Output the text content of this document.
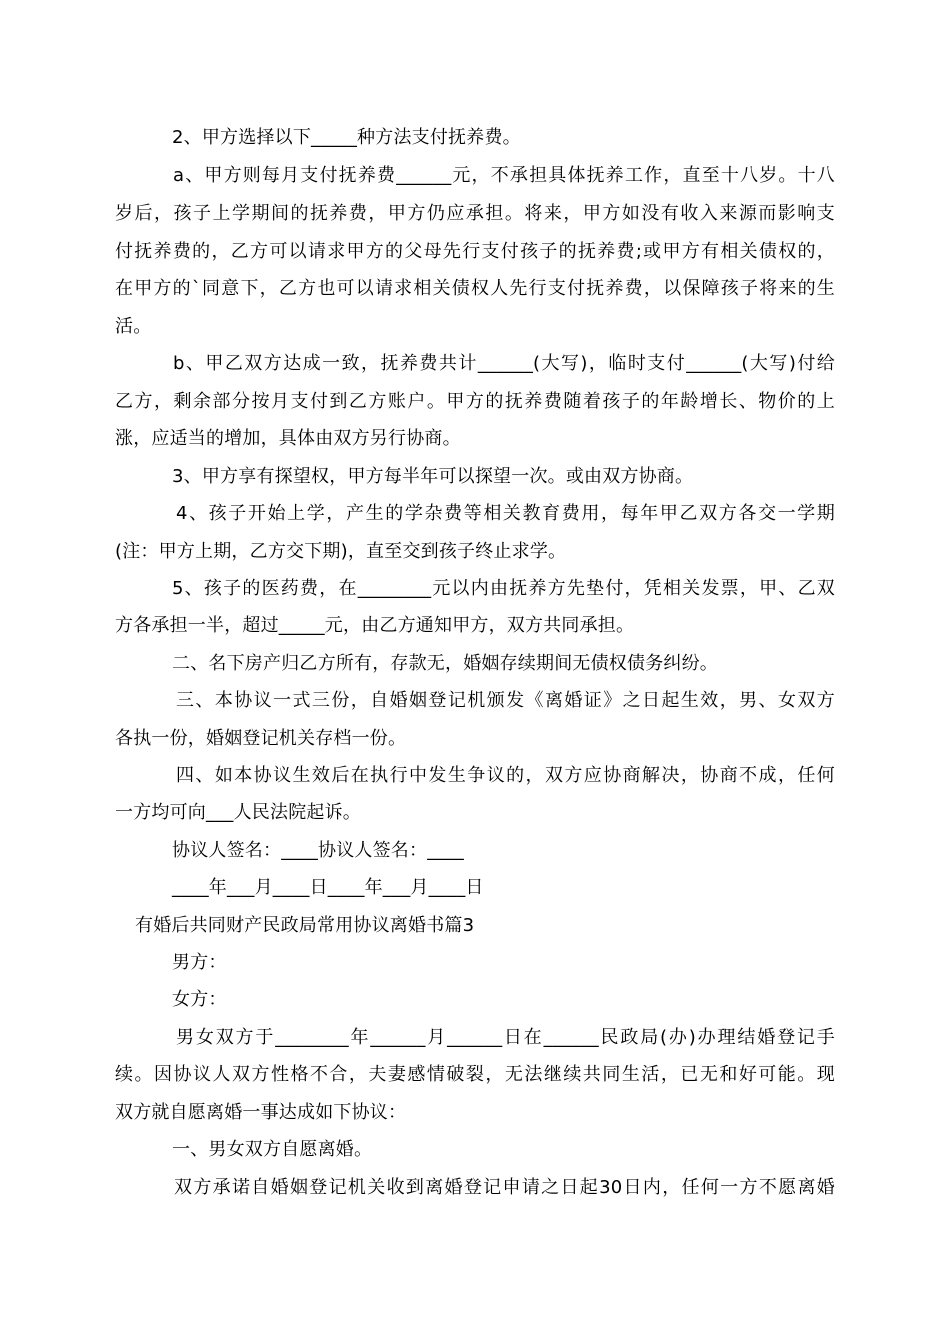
2、甲方选择以下_____种方法支付抚养费。
a、甲方则每月支付抚养费______元，不承担具体抚养工作，直至十八岁。十八
岁后，孩子上学期间的抚养费，甲方仍应承担。将来，甲方如没有收入来源而影响支
付抚养费的，乙方可以请求甲方的父母先行支付孩子的抚养费;或甲方有相关债权的，
在甲方的`同意下，乙方也可以请求相关债权人先行支付抚养费，以保障孩子将来的生
活。
b、甲乙双方达成一致，抚养费共计______(大写)，临时支付______(大写)付给
乙方，剩余部分按月支付到乙方账户。甲方的抚养费随着孩子的年龄增长、物价的上
涨，应适当的增加，具体由双方另行协商。
3、甲方享有探望权，甲方每半年可以探望一次。或由双方协商。
4、孩子开始上学，产生的学杂费等相关教育费用，每年甲乙双方各交一学期
(注：甲方上期，乙方交下期)，直至交到孩子终止求学。
5、孩子的医药费，在________元以内由抚养方先垫付，凭相关发票，甲、乙双
方各承担一半，超过_____元，由乙方通知甲方，双方共同承担。
二、名下房产归乙方所有，存款无，婚姻存续期间无债权债务纠纷。
三、本协议一式三份，自婚姻登记机颁发《离婚证》之日起生效，男、女双方
各执一份，婚姻登记机关存档一份。
四、如本协议生效后在执行中发生争议的，双方应协商解决，协商不成，任何
一方均可向___人民法院起诉。
协议人签名：____协议人签名：____
____年___月____日____年___月____日
有婚后共同财产民政局常用协议离婚书篇3
男方：
女方：
男女双方于________年______月______日在______民政局(办)办理结婚登记手
续。因协议人双方性格不合，夫妻感情破裂，无法继续共同生活，已无和好可能。现
双方就自愿离婚一事达成如下协议：
一、男女双方自愿离婚。
双方承诺自婚姻登记机关收到离婚登记申请之日起30日内，任何一方不愿离婚
